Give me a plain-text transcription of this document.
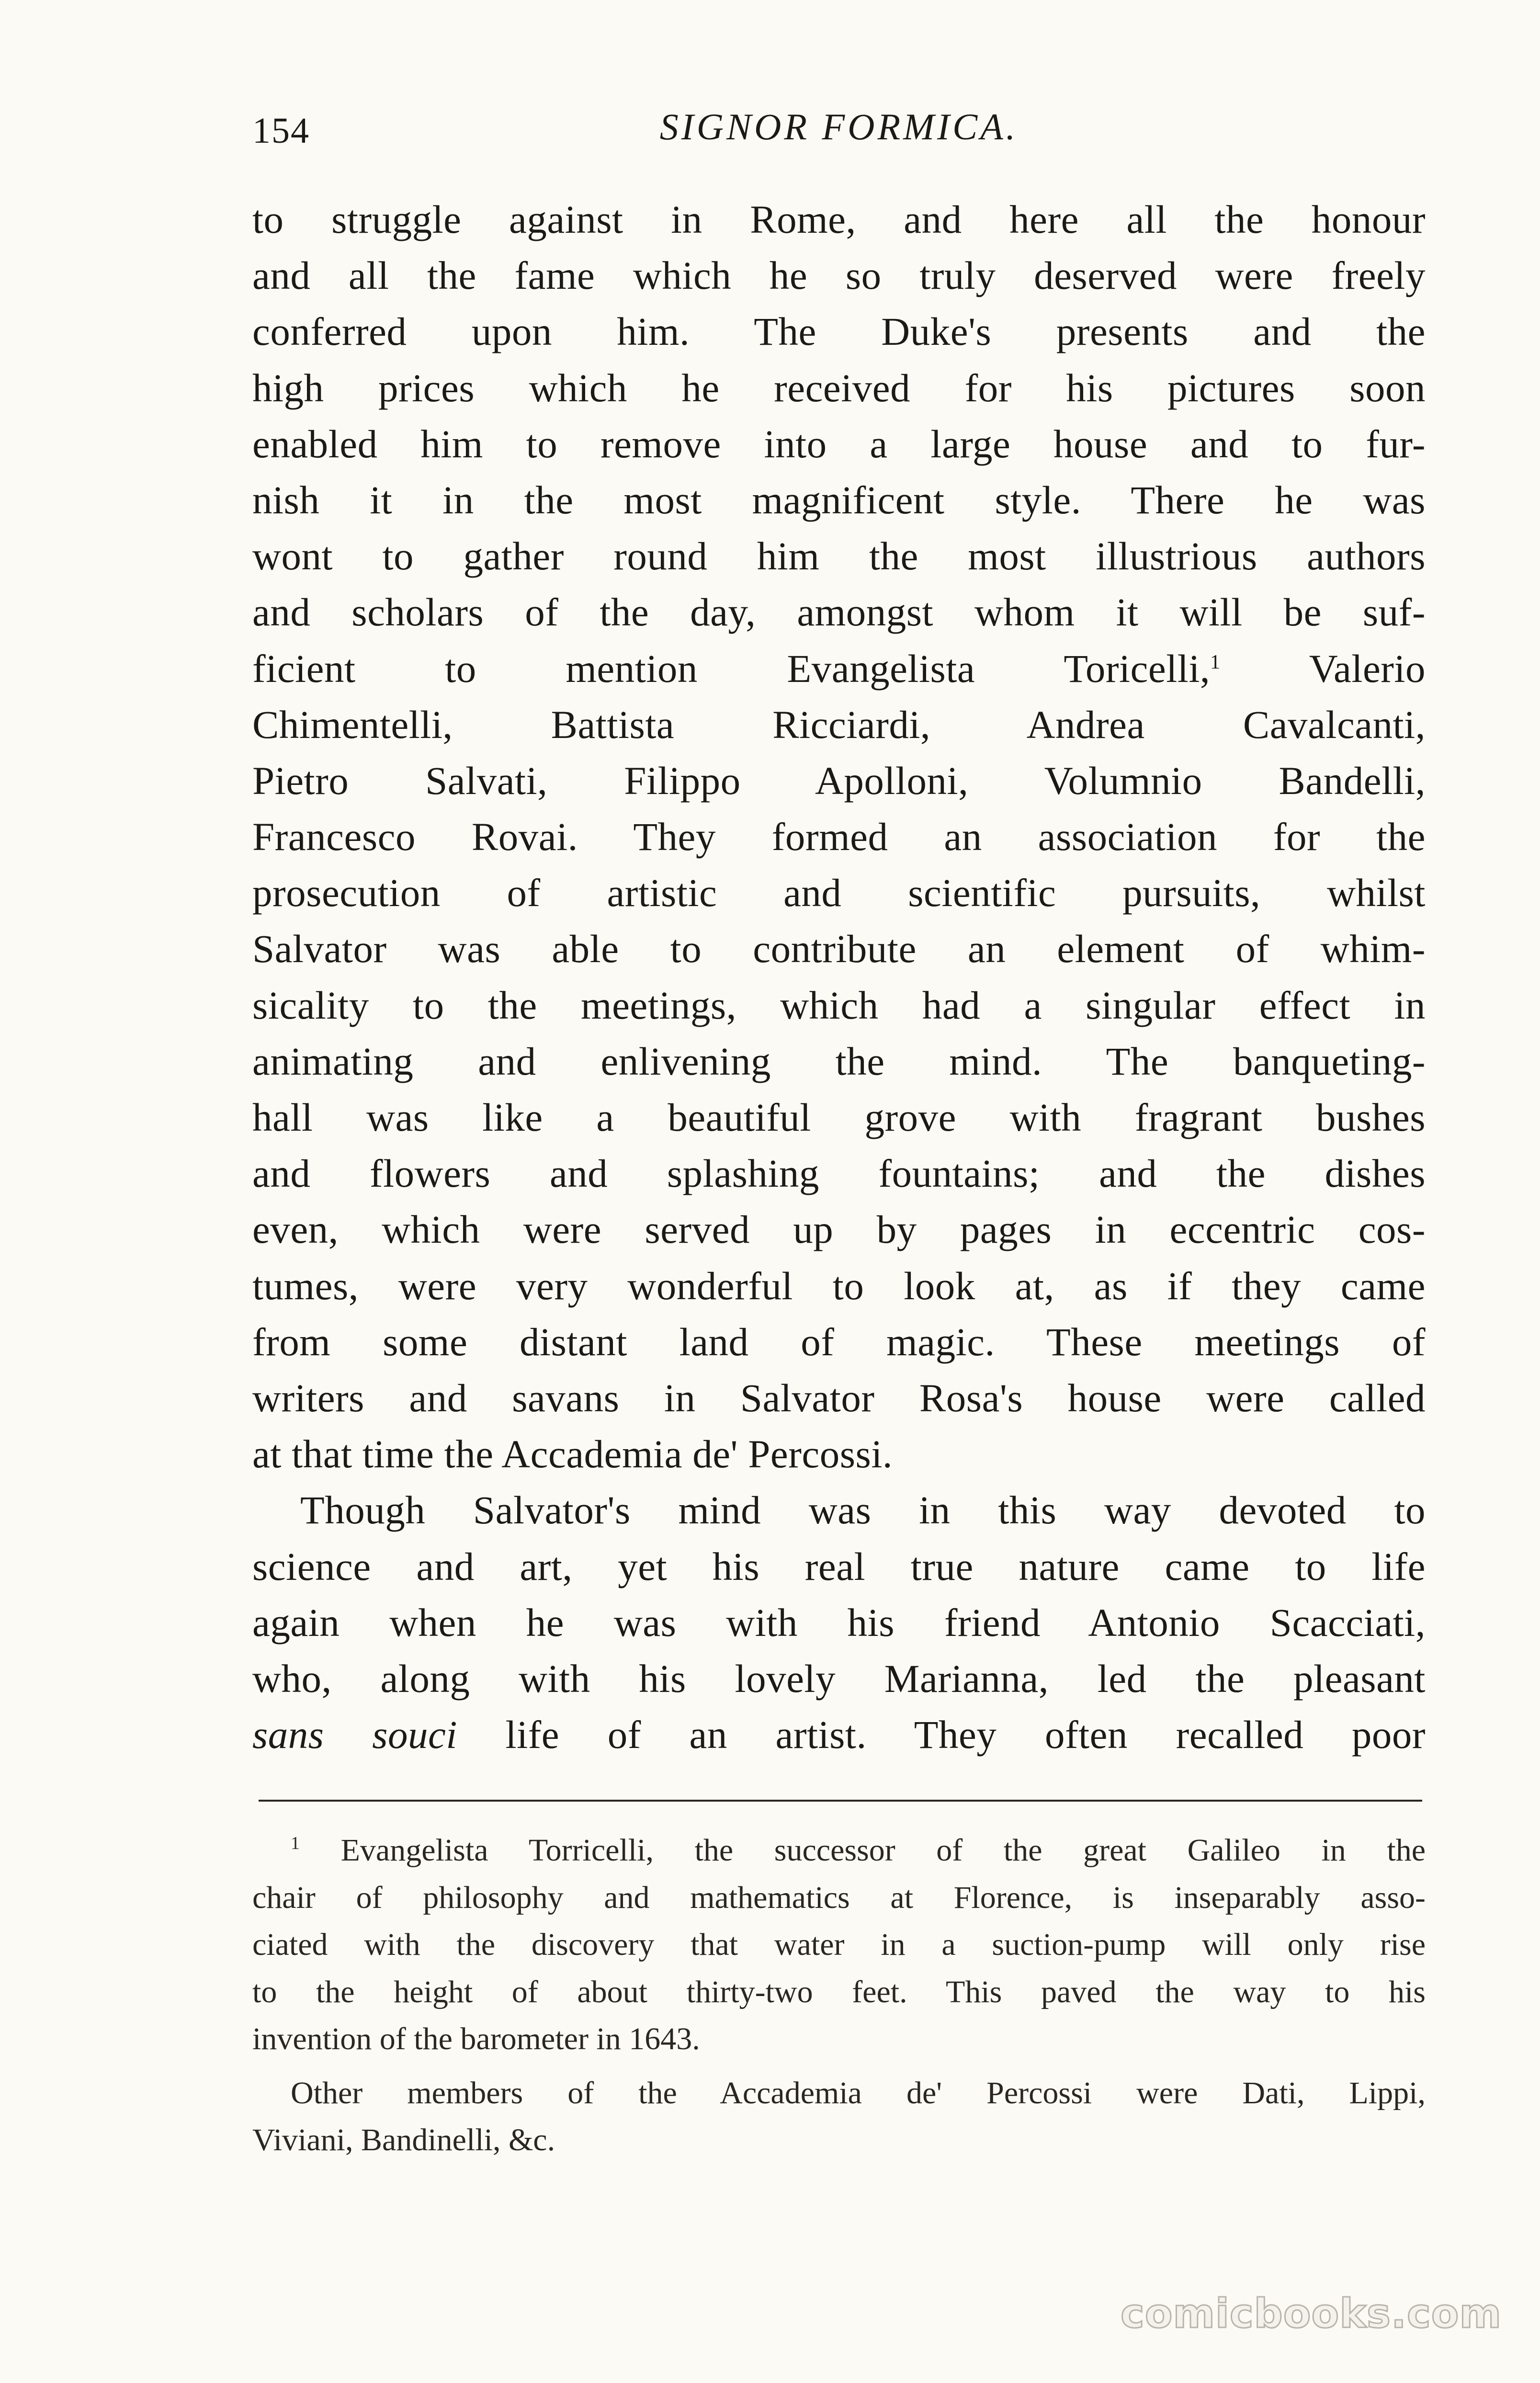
154	SIGNOR FORMICA.
to struggle against in Rome, and here all the honour
and all the fame which he so truly deserved were freely
conferred upon him. The Duke's presents and the
high prices which he received for his pictures soon
enabled him to remove into a large house and to fur-
nish it in the most magnificent style. There he was
wont to gather round him the most illustrious authors
and scholars of the day, amongst whom it will be suf-
ficient to mention Evangelista Toricelli,$^1$ Valerio
Chimentelli, Battista Ricciardi, Andrea Cavalcanti,
Pietro Salvati, Filippo Apolloni, Volumnio Bandelli,
Francesco Rovai. They formed an association for the
prosecution of artistic and scientific pursuits, whilst
Salvator was able to contribute an element of whim-
sicality to the meetings, which had a singular effect in
animating and enlivening the mind. The banqueting-
hall was like a beautiful grove with fragrant bushes
and flowers and splashing fountains; and the dishes
even, which were served up by pages in eccentric cos-
tumes, were very wonderful to look at, as if they came
from some distant land of magic. These meetings of
writers and savans in Salvator Rosa's house were called
at that time the Accademia de' Percossi.
Though Salvator's mind was in this way devoted to
science and art, yet his real true nature came to life
again when he was with his friend Antonio Scacciati,
who, along with his lovely Marianna, led the pleasant
sans souci life of an artist. They often recalled poor
$^1$ Evangelista Torricelli, the successor of the great Galileo in the
chair of philosophy and mathematics at Florence, is inseparably asso-
ciated with the discovery that water in a suction-pump will only rise
to the height of about thirty-two feet. This paved the way to his
invention of the barometer in 1643.
Other members of the Accademia de' Percossi were Dati, Lippi,
Viviani, Bandinelli, &c.
comicbooks.com
